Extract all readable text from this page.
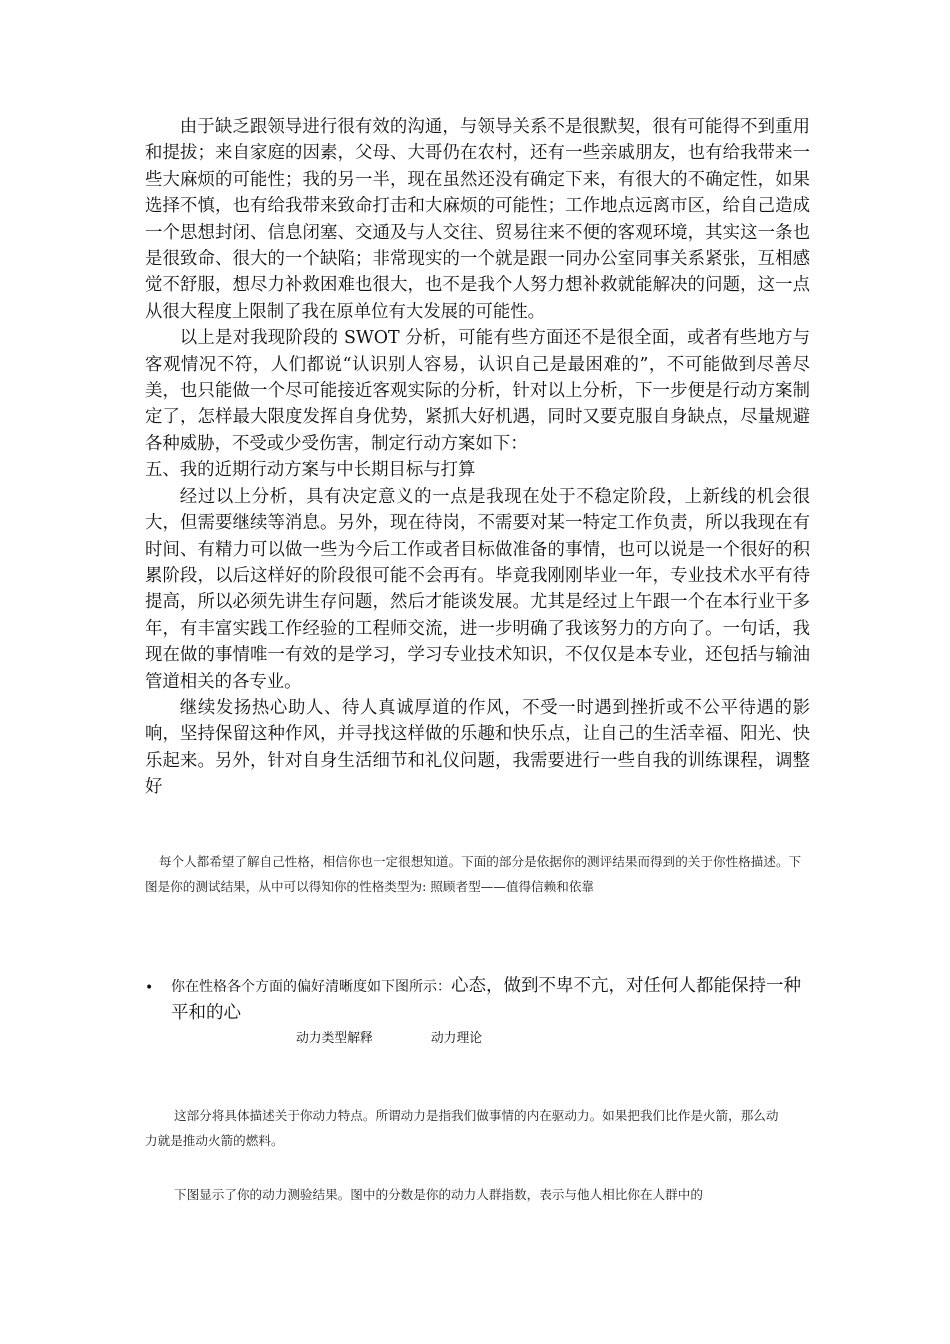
由于缺乏跟领导进行很有效的沟通，与领导关系不是很默契，很有可能得不到重用和提拔；来自家庭的因素，父母、大哥仍在农村，还有一些亲戚朋友，也有给我带来一些大麻烦的可能性；我的另一半，现在虽然还没有确定下来，有很大的不确定性，如果选择不慎，也有给我带来致命打击和大麻烦的可能性；工作地点远离市区，给自己造成一个思想封闭、信息闭塞、交通及与人交往、贸易往来不便的客观环境，其实这一条也是很致命、很大的一个缺陷；非常现实的一个就是跟一同办公室同事关系紧张，互相感觉不舒服，想尽力补救困难也很大，也不是我个人努力想补救就能解决的问题，这一点从很大程度上限制了我在原单位有大发展的可能性。

以上是对我现阶段的 SWOT 分析，可能有些方面还不是很全面，或者有些地方与客观情况不符，人们都说“认识别人容易，认识自己是最困难的”，不可能做到尽善尽美，也只能做一个尽可能接近客观实际的分析，针对以上分析，下一步便是行动方案制定了，怎样最大限度发挥自身优势，紧抓大好机遇，同时又要克服自身缺点，尽量规避各种威胁，不受或少受伤害，制定行动方案如下：

五、我的近期行动方案与中长期目标与打算

经过以上分析，具有决定意义的一点是我现在处于不稳定阶段，上新线的机会很大，但需要继续等消息。另外，现在待岗，不需要对某一特定工作负责，所以我现在有时间、有精力可以做一些为今后工作或者目标做准备的事情，也可以说是一个很好的积累阶段，以后这样好的阶段很可能不会再有。毕竟我刚刚毕业一年，专业技术水平有待提高，所以必须先讲生存问题，然后才能谈发展。尤其是经过上午跟一个在本行业干多年，有丰富实践工作经验的工程师交流，进一步明确了我该努力的方向了。一句话，我现在做的事情唯一有效的是学习，学习专业技术知识，不仅仅是本专业，还包括与输油管道相关的各专业。

继续发扬热心助人、待人真诚厚道的作风，不受一时遇到挫折或不公平待遇的影响，坚持保留这种作风，并寻找这样做的乐趣和快乐点，让自己的生活幸福、阳光、快乐起来。另外，针对自身生活细节和礼仪问题，我需要进行一些自我的训练课程，调整好

每个人都希望了解自己性格，相信你也一定很想知道。下面的部分是依据你的测评结果而得到的关于你性格描述。下图是你的测试结果，从中可以得知你的性格类型为: 照顾者型——值得信赖和依靠

•	你在性格各个方面的偏好清晰度如下图所示：心态，做到不卑不亢，对任何人都能保持一种平和的心
动力类型解释	动力理论

这部分将具体描述关于你动力特点。所谓动力是指我们做事情的内在驱动力。如果把我们比作是火箭，那么动力就是推动火箭的燃料。

下图显示了你的动力测验结果。图中的分数是你的动力人群指数，表示与他人相比你在人群中的
